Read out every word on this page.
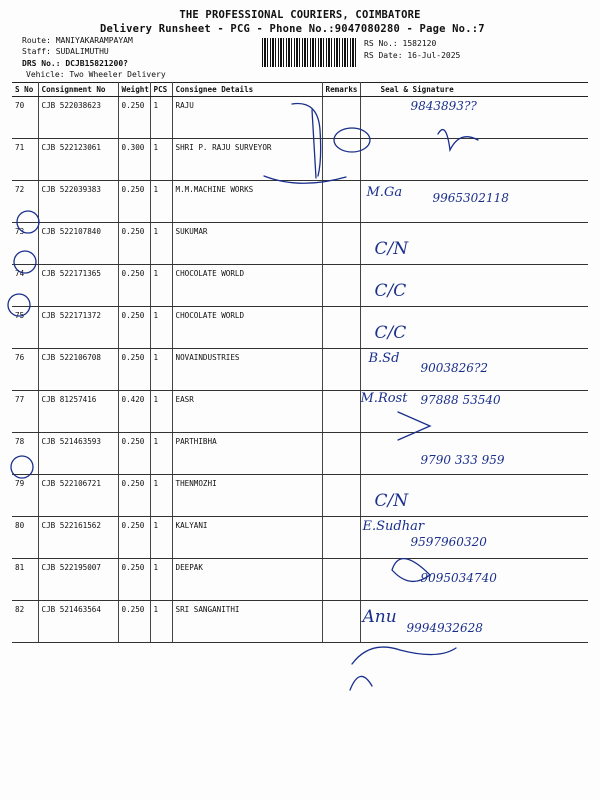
THE PROFESSIONAL COURIERS, COIMBATORE
Delivery Runsheet - PCG - Phone No.:9047080280 - Page No.:7
Route: MANIYAKARAMPAYAM
Staff: SUDALIMUTHU
DRS No.: DCJB15821200?
Vehicle: Two Wheeler Delivery
RS No.: 1582120
RS Date: 16-Jul-2025
S No	Consignment No	Weight	PCS	Consignee Details	Remarks	Seal & Signature
70	CJB 522038623	0.250	1	RAJU		9843893??

71	CJB 522123061	0.300	1	SHRI P. RAJU SURVEYOR		
72	CJB 522039383	0.250	1	M.M.MACHINE WORKS		M.Ga 9965302118

73	CJB 522107840	0.250	1	SUKUMAR		C/N

74	CJB 522171365	0.250	1	CHOCOLATE WORLD		C/C

75	CJB 522171372	0.250	1	CHOCOLATE WORLD		C/C

76	CJB 522106708	0.250	1	NOVAINDUSTRIES		B.Sd
9003826?2

77	CJB 81257416	0.420	1	EASR		M.Rost 97888 53540

78	CJB 521463593	0.250	1	PARTHIBHA		9790 333 959

79	CJB 522106721	0.250	1	THENMOZHI		C/N

80	CJB 522161562	0.250	1	KALYANI		E.Sudhar
9597960320

81	CJB 522195007	0.250	1	DEEPAK		9095034740

82	CJB 521463564	0.250	1	SRI SANGANITHI		Anu
9994932628
